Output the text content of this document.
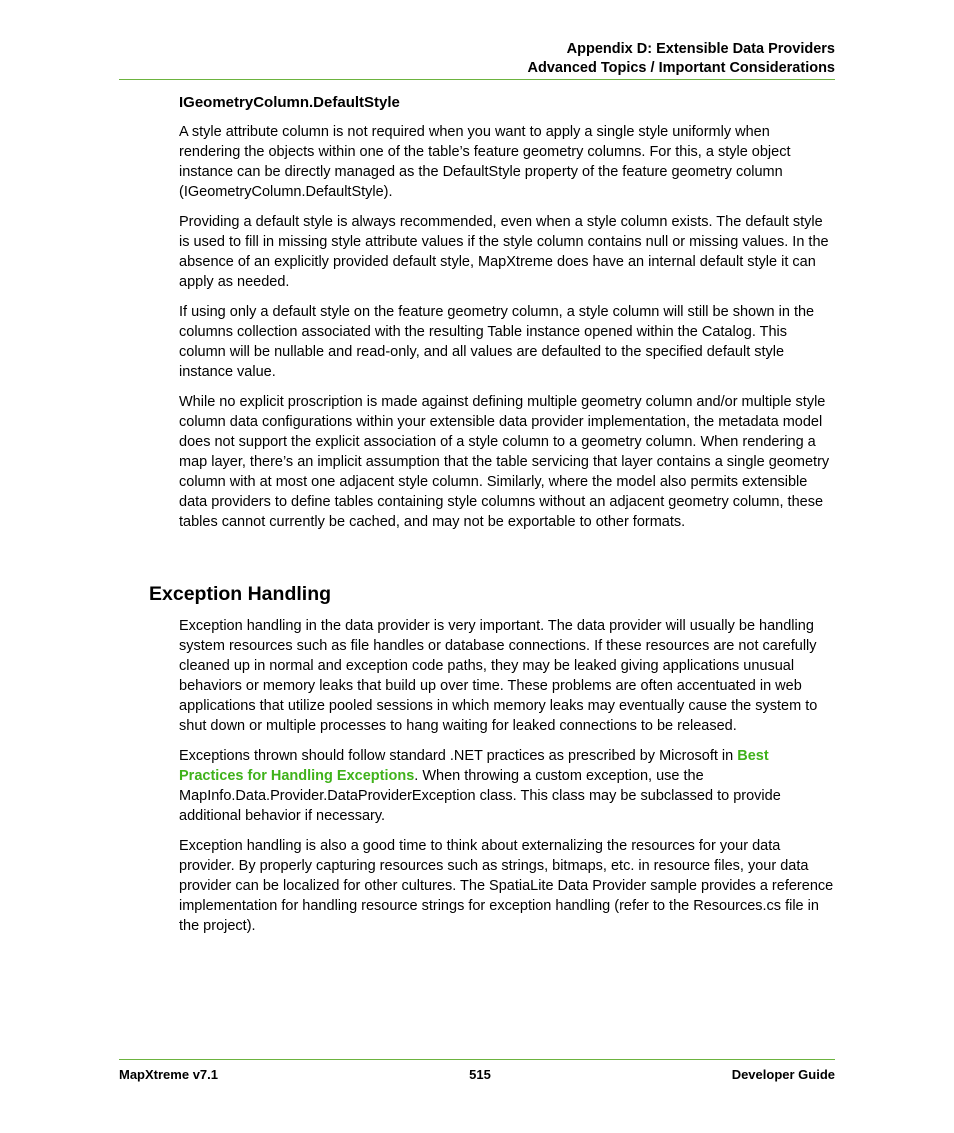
Appendix D: Extensible Data Providers
Advanced Topics / Important Considerations
IGeometryColumn.DefaultStyle

A style attribute column is not required when you want to apply a single style uniformly when rendering the objects within one of the table’s feature geometry columns. For this, a style object instance can be directly managed as the DefaultStyle property of the feature geometry column (IGeometryColumn.DefaultStyle).

Providing a default style is always recommended, even when a style column exists. The default style is used to fill in missing style attribute values if the style column contains null or missing values. In the absence of an explicitly provided default style, MapXtreme does have an internal default style it can apply as needed.

If using only a default style on the feature geometry column, a style column will still be shown in the columns collection associated with the resulting Table instance opened within the Catalog. This column will be nullable and read-only, and all values are defaulted to the specified default style instance value.

While no explicit proscription is made against defining multiple geometry column and/or multiple style column data configurations within your extensible data provider implementation, the metadata model does not support the explicit association of a style column to a geometry column. When rendering a map layer, there’s an implicit assumption that the table servicing that layer contains a single geometry column with at most one adjacent style column. Similarly, where the model also permits extensible data providers to define tables containing style columns without an adjacent geometry column, these tables cannot currently be cached, and may not be exportable to other formats.

Exception Handling

Exception handling in the data provider is very important. The data provider will usually be handling system resources such as file handles or database connections. If these resources are not carefully cleaned up in normal and exception code paths, they may be leaked giving applications unusual behaviors or memory leaks that build up over time. These problems are often accentuated in web applications that utilize pooled sessions in which memory leaks may eventually cause the system to shut down or multiple processes to hang waiting for leaked connections to be released.

Exceptions thrown should follow standard .NET practices as prescribed by Microsoft in Best Practices for Handling Exceptions. When throwing a custom exception, use the MapInfo.Data.Provider.DataProviderException class. This class may be subclassed to provide additional behavior if necessary.

Exception handling is also a good time to think about externalizing the resources for your data provider. By properly capturing resources such as strings, bitmaps, etc. in resource files, your data provider can be localized for other cultures. The SpatiaLite Data Provider sample provides a reference implementation for handling resource strings for exception handling (refer to the Resources.cs file in the project).

MapXtreme v7.1	515	Developer Guide
